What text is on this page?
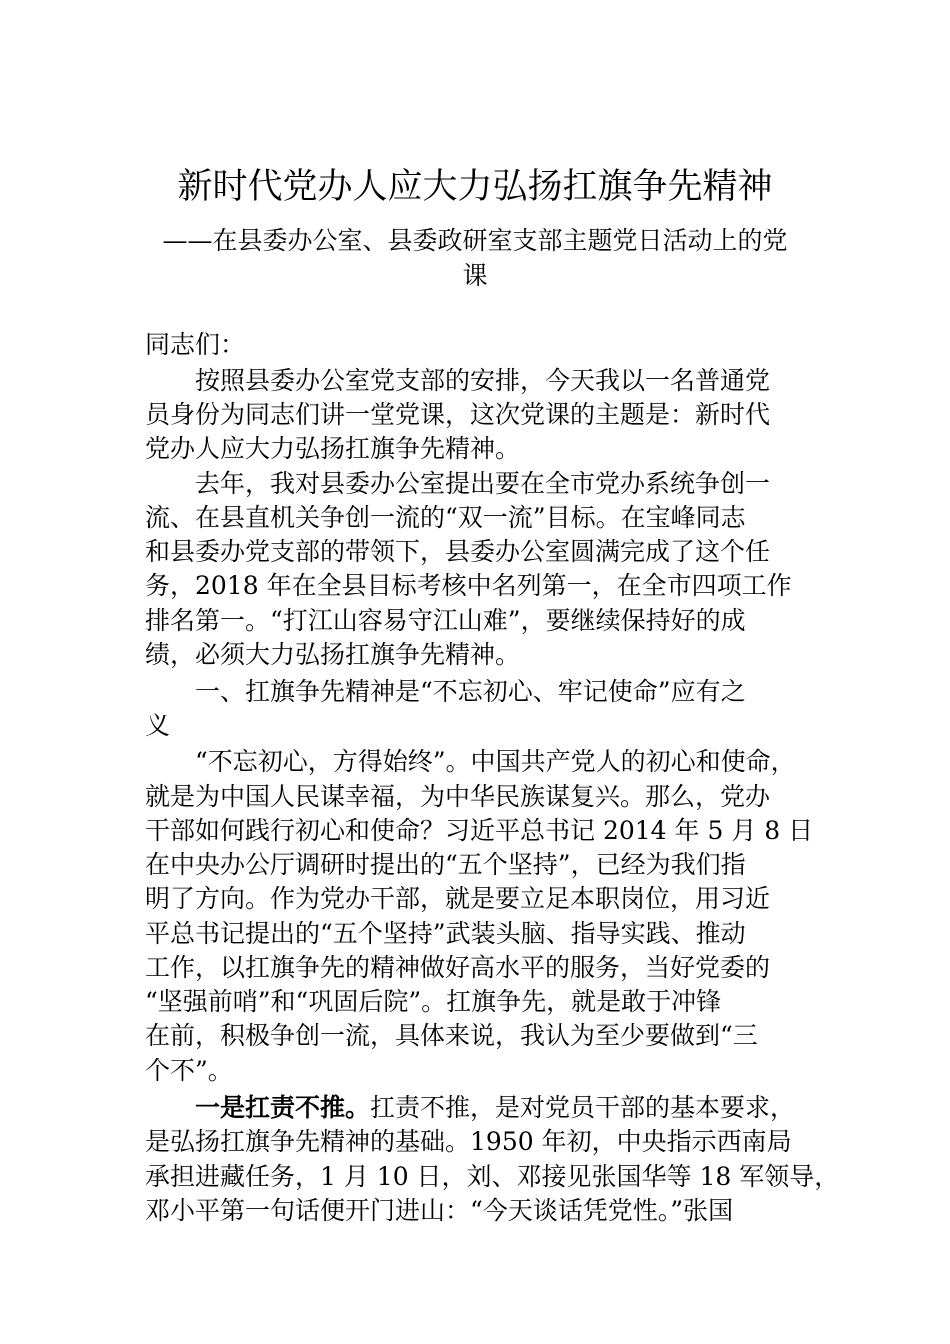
新时代党办人应大力弘扬扛旗争先精神
——在县委办公室、县委政研室支部主题党日活动上的党
课
同志们：
按照县委办公室党支部的安排，今天我以一名普通党
员身份为同志们讲一堂党课，这次党课的主题是：新时代
党办人应大力弘扬扛旗争先精神。
去年，我对县委办公室提出要在全市党办系统争创一
流、在县直机关争创一流的“双一流”目标。在宝峰同志
和县委办党支部的带领下，县委办公室圆满完成了这个任
务，2018 年在全县目标考核中名列第一，在全市四项工作
排名第一。“打江山容易守江山难”，要继续保持好的成
绩，必须大力弘扬扛旗争先精神。
一、扛旗争先精神是“不忘初心、牢记使命”应有之
义
“不忘初心，方得始终”。中国共产党人的初心和使命，
就是为中国人民谋幸福，为中华民族谋复兴。那么，党办
干部如何践行初心和使命？习近平总书记 2014 年 5 月 8 日
在中央办公厅调研时提出的“五个坚持”，已经为我们指
明了方向。作为党办干部，就是要立足本职岗位，用习近
平总书记提出的“五个坚持”武装头脑、指导实践、推动
工作，以扛旗争先的精神做好高水平的服务，当好党委的
“坚强前哨”和“巩固后院”。扛旗争先，就是敢于冲锋
在前，积极争创一流，具体来说，我认为至少要做到“三
个不”。
一是扛责不推。扛责不推，是对党员干部的基本要求，
是弘扬扛旗争先精神的基础。1950 年初，中央指示西南局
承担进藏任务，1 月 10 日，刘、邓接见张国华等 18 军领导，
邓小平第一句话便开门进山：“今天谈话凭党性。”张国
